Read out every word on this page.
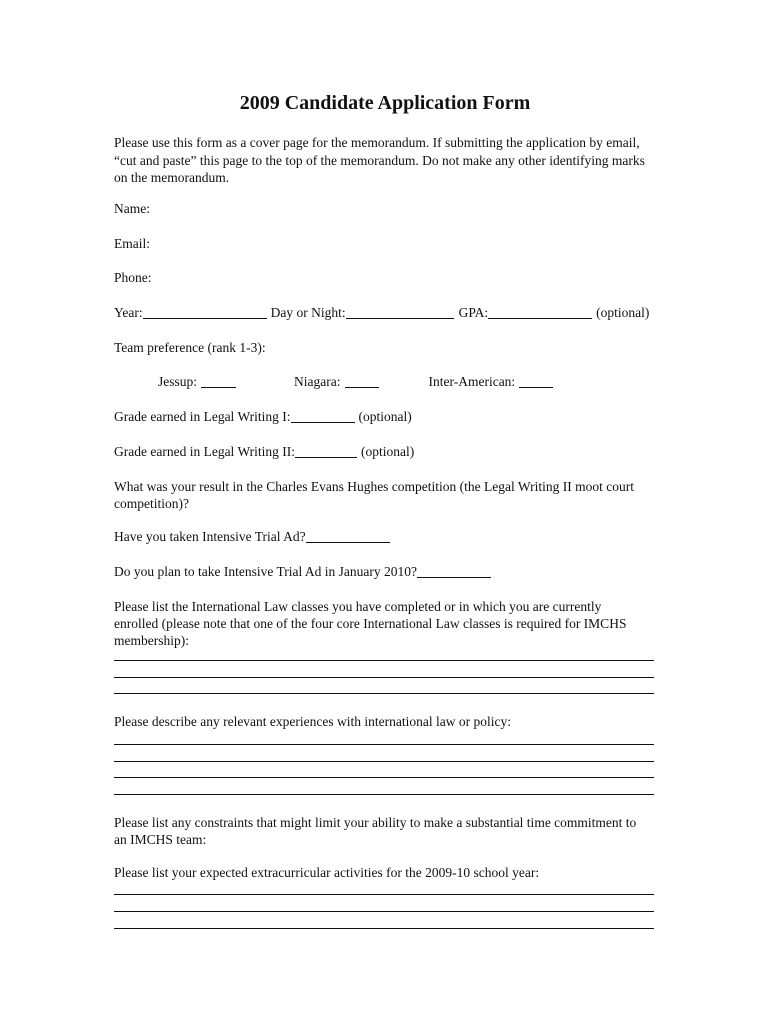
2009 Candidate Application Form

Please use this form as a cover page for the memorandum. If submitting the application by email, “cut and paste” this page to the top of the memorandum. Do not make any other identifying marks on the memorandum.

Name:
Email:
Phone:
Year:	Day or Night:	GPA:	(optional)
Team preference (rank 1-3):
Jessup:	Niagara:	Inter-American:
Grade earned in Legal Writing I:	(optional)
Grade earned in Legal Writing II:	(optional)
What was your result in the Charles Evans Hughes competition (the Legal Writing II moot court
competition)?
Have you taken Intensive Trial Ad?
Do you plan to take Intensive Trial Ad in January 2010?
Please list the International Law classes you have completed or in which you are currently
enrolled (please note that one of the four core International Law classes is required for IMCHS
membership):
Please describe any relevant experiences with international law or policy:
Please list any constraints that might limit your ability to make a substantial time commitment to
an IMCHS team:
Please list your expected extracurricular activities for the 2009-10 school year:
